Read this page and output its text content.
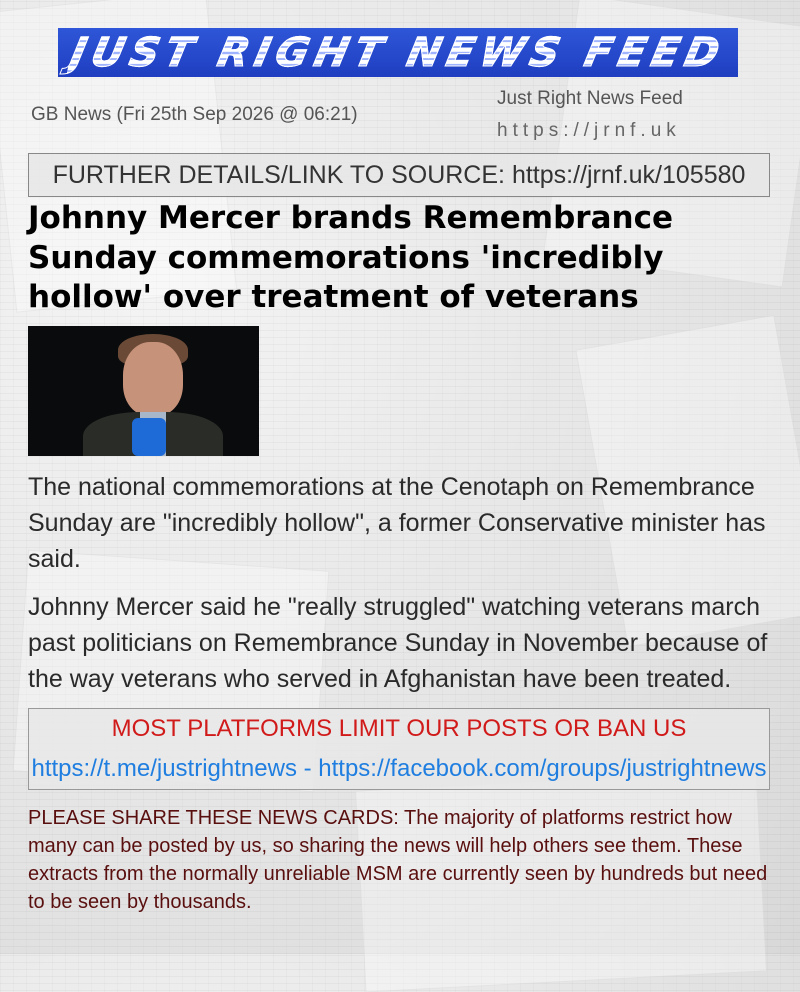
JUST RIGHT NEWS FEED
GB News (Fri 25th Sep 2026 @ 06:21)
Just Right News Feed
https://jrnf.uk
FURTHER DETAILS/LINK TO SOURCE:
https://jrnf.uk/105580
Johnny Mercer brands Remembrance Sunday commemorations 'incredibly hollow' over treatment of veterans

The national commemorations at the Cenotaph on Remembrance Sunday are "incredibly hollow", a former Conservative minister has said.

Johnny Mercer said he "really struggled" watching veterans march past politicians on Remembrance Sunday in November because of the way veterans who served in Afghanistan have been treated.

MOST PLATFORMS LIMIT OUR POSTS OR BAN US
https://t.me/justrightnews - https://facebook.com/groups/justrightnews

PLEASE SHARE THESE NEWS CARDS: The majority of platforms restrict how many can be posted by us, so sharing the news will help others see them. These extracts from the normally unreliable MSM are currently seen by hundreds but need to be seen by thousands.
